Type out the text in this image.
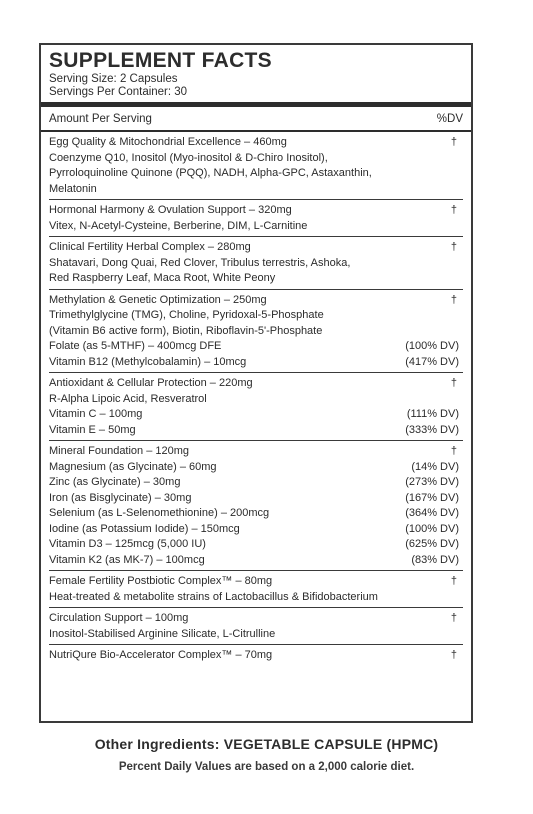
SUPPLEMENT FACTS
Serving Size: 2 Capsules
Servings Per Container: 30
Amount Per Serving	%DV
Egg Quality & Mitochondrial Excellence – 460mg	†
Coenzyme Q10, Inositol (Myo-inositol & D-Chiro Inositol),
Pyrroloquinoline Quinone (PQQ), NADH, Alpha-GPC, Astaxanthin,
Melatonin
Hormonal Harmony & Ovulation Support – 320mg	†
Vitex, N-Acetyl-Cysteine, Berberine, DIM, L-Carnitine
Clinical Fertility Herbal Complex – 280mg	†
Shatavari, Dong Quai, Red Clover, Tribulus terrestris, Ashoka,
Red Raspberry Leaf, Maca Root, White Peony
Methylation & Genetic Optimization – 250mg	†
Trimethylglycine (TMG), Choline, Pyridoxal-5-Phosphate
(Vitamin B6 active form), Biotin, Riboflavin-5'-Phosphate
Folate (as 5-MTHF) – 400mcg DFE	(100% DV)
Vitamin B12 (Methylcobalamin) – 10mcg	(417% DV)
Antioxidant & Cellular Protection – 220mg	†
R-Alpha Lipoic Acid, Resveratrol
Vitamin C – 100mg	(111% DV)
Vitamin E – 50mg	(333% DV)
Mineral Foundation – 120mg	†
Magnesium (as Glycinate) – 60mg	(14% DV)
Zinc (as Glycinate) – 30mg	(273% DV)
Iron (as Bisglycinate) – 30mg	(167% DV)
Selenium (as L-Selenomethionine) – 200mcg	(364% DV)
Iodine (as Potassium Iodide) – 150mcg	(100% DV)
Vitamin D3 – 125mcg (5,000 IU)	(625% DV)
Vitamin K2 (as MK-7) – 100mcg	(83% DV)
Female Fertility Postbiotic Complex™ – 80mg	†
Heat-treated & metabolite strains of Lactobacillus & Bifidobacterium
Circulation Support – 100mg	†
Inositol-Stabilised Arginine Silicate, L-Citrulline
NutriQure Bio-Accelerator Complex™ – 70mg	†
Other Ingredients: VEGETABLE CAPSULE (HPMC)
Percent Daily Values are based on a 2,000 calorie diet.
